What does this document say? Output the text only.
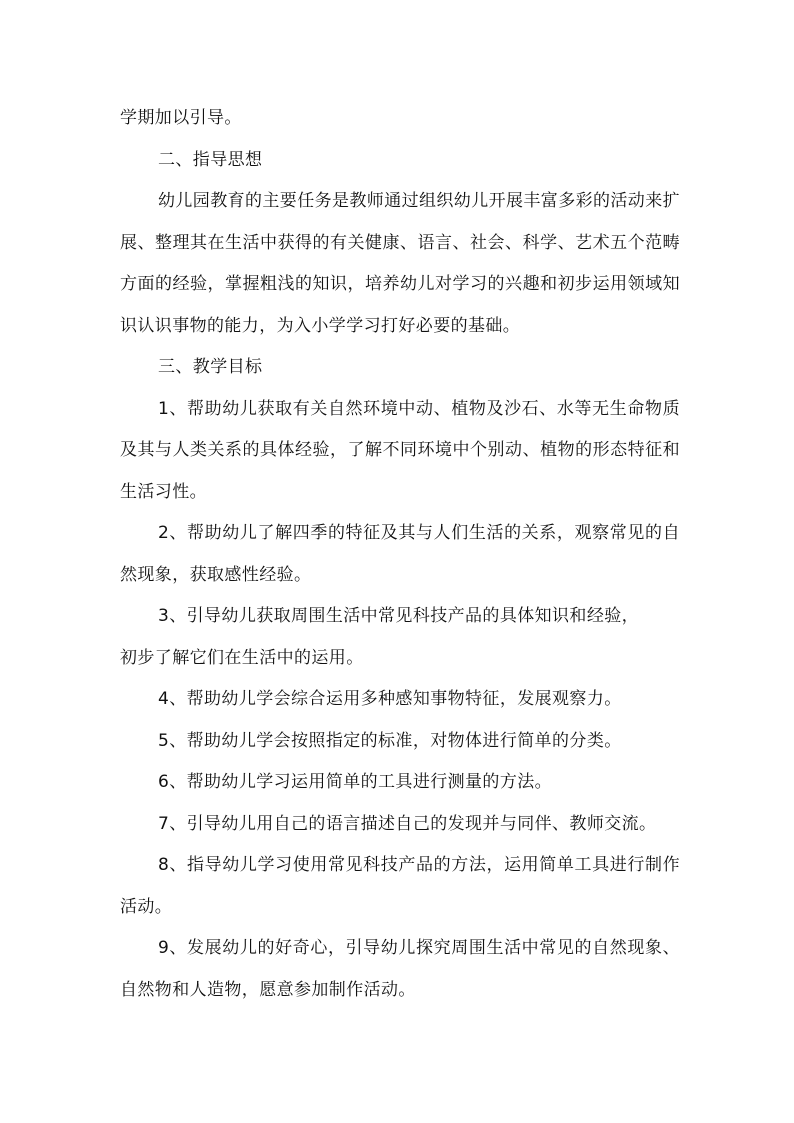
学期加以引导。

二、指导思想

幼儿园教育的主要任务是教师通过组织幼儿开展丰富多彩的活动来扩展、整理其在生活中获得的有关健康、语言、社会、科学、艺术五个范畴方面的经验，掌握粗浅的知识，培养幼儿对学习的兴趣和初步运用领域知识认识事物的能力，为入小学学习打好必要的基础。

三、教学目标

1、帮助幼儿获取有关自然环境中动、植物及沙石、水等无生命物质及其与人类关系的具体经验，了解不同环境中个别动、植物的形态特征和生活习性。

2、帮助幼儿了解四季的特征及其与人们生活的关系，观察常见的自然现象，获取感性经验。

3、引导幼儿获取周围生活中常见科技产品的具体知识和经验，

初步了解它们在生活中的运用。

4、帮助幼儿学会综合运用多种感知事物特征，发展观察力。

5、帮助幼儿学会按照指定的标准，对物体进行简单的分类。

6、帮助幼儿学习运用简单的工具进行测量的方法。

7、引导幼儿用自己的语言描述自己的发现并与同伴、教师交流。

8、指导幼儿学习使用常见科技产品的方法，运用简单工具进行制作活动。

9、发展幼儿的好奇心，引导幼儿探究周围生活中常见的自然现象、自然物和人造物，愿意参加制作活动。
